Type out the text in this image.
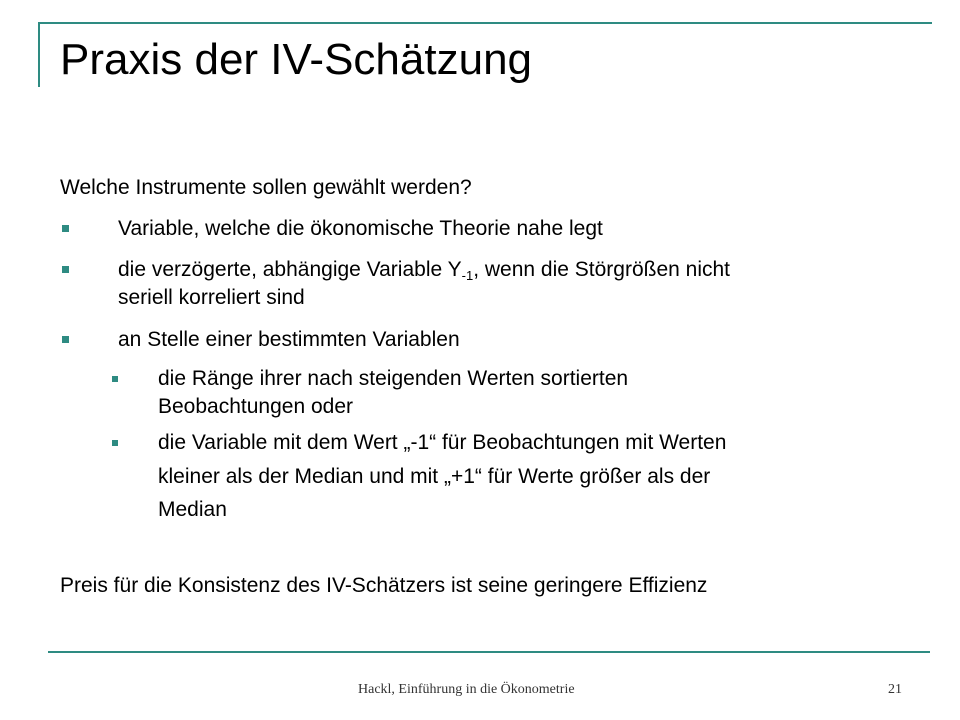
Praxis der IV-Schätzung
Welche Instrumente sollen gewählt werden?
Variable, welche die ökonomische Theorie nahe legt
die verzögerte, abhängige Variable $Y_{-1}$, wenn die Störgrößen nicht
seriell korreliert sind
an Stelle einer bestimmten Variablen
die Ränge ihrer nach steigenden Werten sortierten
Beobachtungen oder
die Variable mit dem Wert „-1“ für Beobachtungen mit Werten
kleiner als der Median und mit „+1“ für Werte größer als der
Median
Preis für die Konsistenz des IV-Schätzers ist seine geringere Effizienz
Hackl, Einführung in die Ökonometrie	21
